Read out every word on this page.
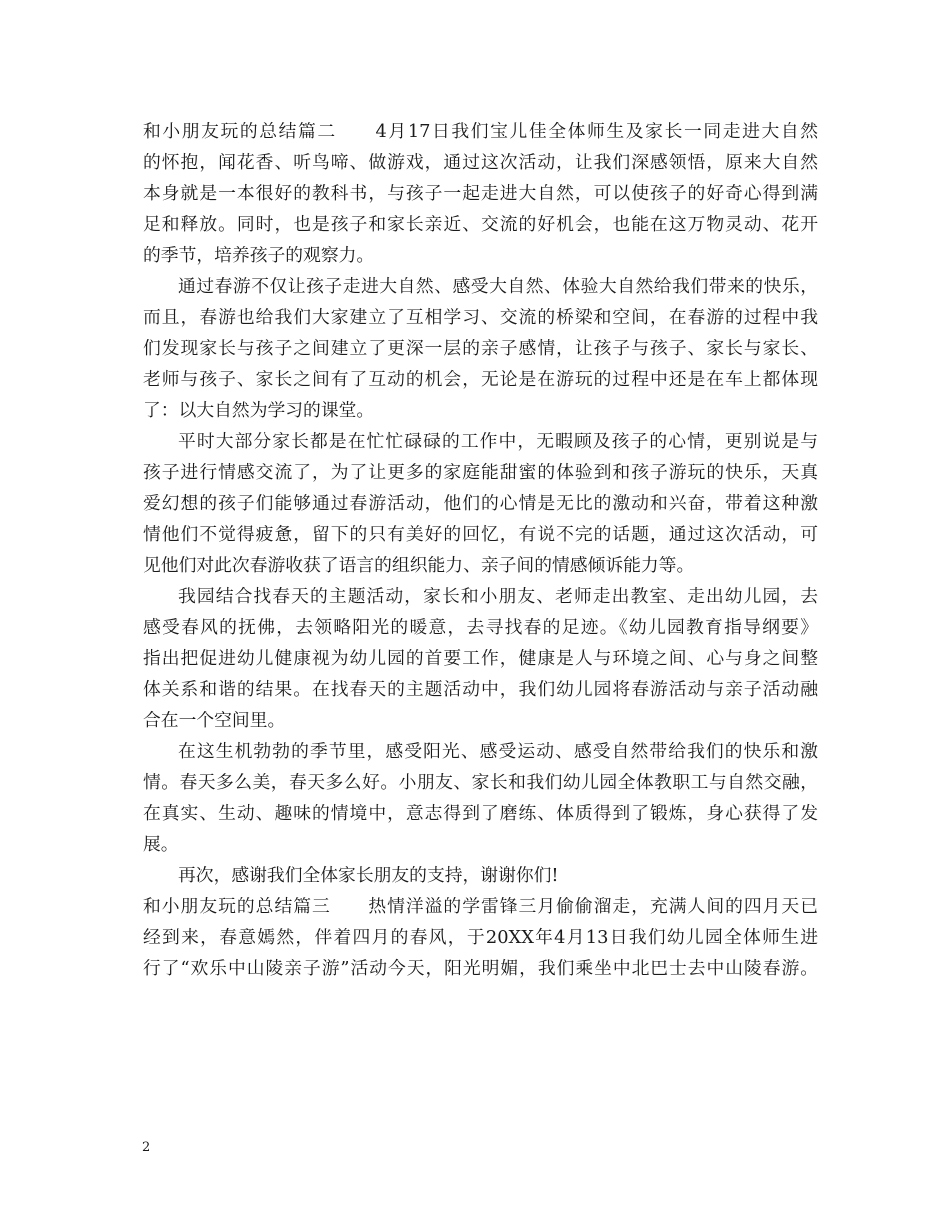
和小朋友玩的总结篇二　　4月17日我们宝儿佳全体师生及家长一同走进大自然
的怀抱，闻花香、听鸟啼、做游戏，通过这次活动，让我们深感领悟，原来大自然
本身就是一本很好的教科书，与孩子一起走进大自然，可以使孩子的好奇心得到满
足和释放。同时，也是孩子和家长亲近、交流的好机会，也能在这万物灵动、花开
的季节，培养孩子的观察力。
通过春游不仅让孩子走进大自然、感受大自然、体验大自然给我们带来的快乐，
而且，春游也给我们大家建立了互相学习、交流的桥梁和空间，在春游的过程中我
们发现家长与孩子之间建立了更深一层的亲子感情，让孩子与孩子、家长与家长、
老师与孩子、家长之间有了互动的机会，无论是在游玩的过程中还是在车上都体现
了：以大自然为学习的课堂。
平时大部分家长都是在忙忙碌碌的工作中，无暇顾及孩子的心情，更别说是与
孩子进行情感交流了，为了让更多的家庭能甜蜜的体验到和孩子游玩的快乐，天真
爱幻想的孩子们能够通过春游活动，他们的心情是无比的激动和兴奋，带着这种激
情他们不觉得疲惫，留下的只有美好的回忆，有说不完的话题，通过这次活动，可
见他们对此次春游收获了语言的组织能力、亲子间的情感倾诉能力等。
我园结合找春天的主题活动，家长和小朋友、老师走出教室、走出幼儿园，去
感受春风的抚佛，去领略阳光的暖意，去寻找春的足迹。《幼儿园教育指导纲要》
指出把促进幼儿健康视为幼儿园的首要工作，健康是人与环境之间、心与身之间整
体关系和谐的结果。在找春天的主题活动中，我们幼儿园将春游活动与亲子活动融
合在一个空间里。
在这生机勃勃的季节里，感受阳光、感受运动、感受自然带给我们的快乐和激
情。春天多么美，春天多么好。小朋友、家长和我们幼儿园全体教职工与自然交融，
在真实、生动、趣味的情境中，意志得到了磨练、体质得到了锻炼，身心获得了发
展。
再次，感谢我们全体家长朋友的支持，谢谢你们!
和小朋友玩的总结篇三　　热情洋溢的学雷锋三月偷偷溜走，充满人间的四月天已
经到来，春意嫣然，伴着四月的春风，于20XX年4月13日我们幼儿园全体师生进
行了“欢乐中山陵亲子游”活动今天，阳光明媚，我们乘坐中北巴士去中山陵春游。
2
